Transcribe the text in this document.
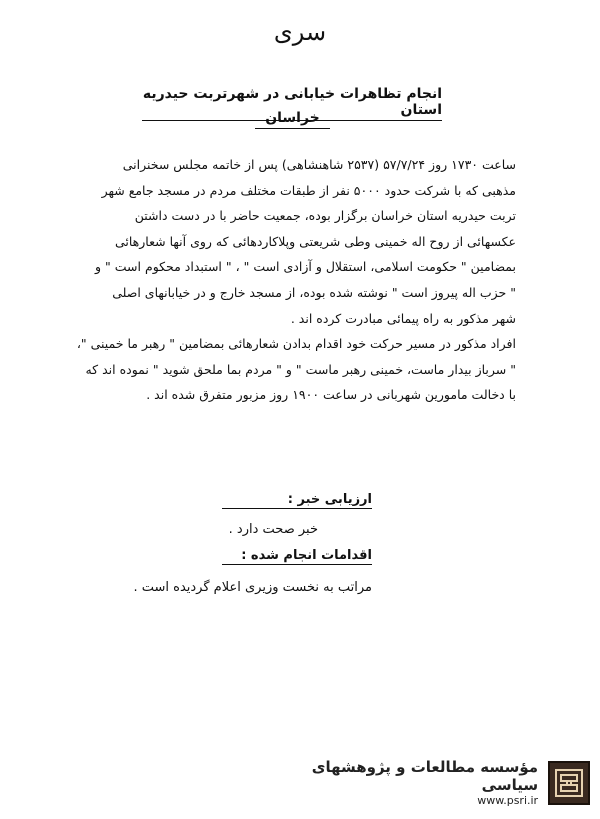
سری
انجام تظاهرات خیابانی در شهرتربت حیدریه استان
خراسان
ساعت ۱۷۳۰ روز ۵۷/۷/۲۴ (۲۵۳۷ شاهنشاهی) پس از خاتمه مجلس سخنرانی
مذهبی که با شرکت حدود ۵۰۰۰ نفر از طبقات مختلف مردم در مسجد جامع شهر
تربت حیدریه استان خراسان برگزار بوده، جمعیت حاضر با در دست داشتن
عکسهائی از روح اله خمینی وطی شریعتی وپلاکاردهائی که روی آنها شعارهائی
بمضامین " حکومت اسلامی، استقلال و آزادی است " ، " استبداد محکوم است " و
" حزب اله پیروز است " نوشته شده بوده، از مسجد خارج و در خیابانهای اصلی
شهر مذکور به راه پیمائی مبادرت کرده اند .
افراد مذکور در مسیر حرکت خود اقدام بدادن شعارهائی بمضامین " رهبر ما خمینی "،
" سرباز بیدار ماست، خمینی رهبر ماست " و " مردم بما ملحق شوید " نموده اند که
با دخالت مامورین شهربانی در ساعت ۱۹۰۰ روز مزبور متفرق شده اند .
ارزیابی خبر :
خبر صحت دارد .
اقدامات انجام شده :
مراتب به نخست وزیری اعلام گردیده است .
مؤسسه مطالعات و پژوهشهای سیاسی
www.psri.ir
